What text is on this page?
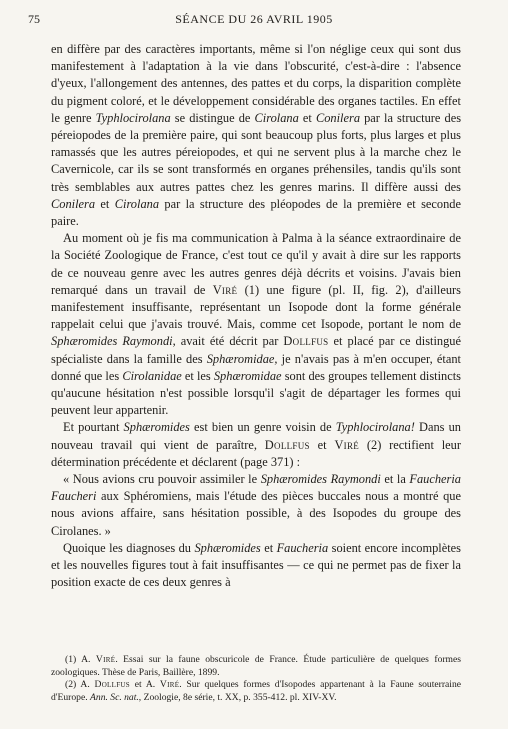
75	SÉANCE DU 26 AVRIL 1905

en diffère par des caractères importants, même si l'on néglige ceux qui sont dus manifestement à l'adaptation à la vie dans l'obscurité, c'est-à-dire : l'absence d'yeux, l'allongement des antennes, des pattes et du corps, la disparition complète du pigment coloré, et le développement considérable des organes tactiles. En effet le genre Typhlocirolana se distingue de Cirolana et Conilera par la structure des péreiopodes de la première paire, qui sont beaucoup plus forts, plus larges et plus ramassés que les autres péreiopodes, et qui ne servent plus à la marche chez le Cavernicole, car ils se sont transformés en organes préhensiles, tandis qu'ils sont très semblables aux autres pattes chez les genres marins. Il diffère aussi des Conilera et Cirolana par la structure des pléopodes de la première et seconde paire.

Au moment où je fis ma communication à Palma à la séance extraordinaire de la Société Zoologique de France, c'est tout ce qu'il y avait à dire sur les rapports de ce nouveau genre avec les autres genres déjà décrits et voisins. J'avais bien remarqué dans un travail de Viré (1) une figure (pl. II, fig. 2), d'ailleurs manifestement insuffisante, représentant un Isopode dont la forme générale rappelait celui que j'avais trouvé. Mais, comme cet Isopode, portant le nom de Sphæromides Raymondi, avait été décrit par Dollfus et placé par ce distingué spécialiste dans la famille des Sphæromidae, je n'avais pas à m'en occuper, étant donné que les Cirolanidae et les Sphæromidae sont des groupes tellement distincts qu'aucune hésitation n'est possible lorsqu'il s'agit de départager les formes qui peuvent leur appartenir.

Et pourtant Sphæromides est bien un genre voisin de Typhlocirolana! Dans un nouveau travail qui vient de paraître, Dollfus et Viré (2) rectifient leur détermination précédente et déclarent (page 371) :

« Nous avions cru pouvoir assimiler le Sphæromides Raymondi et la Faucheria Faucheri aux Sphéromiens, mais l'étude des pièces buccales nous a montré que nous avions affaire, sans hésitation possible, à des Isopodes du groupe des Cirolanes. »

Quoique les diagnoses du Sphæromides et Faucheria soient encore incomplètes et les nouvelles figures tout à fait insuffisantes — ce qui ne permet pas de fixer la position exacte de ces deux genres à

(1) A. Viré. Essai sur la faune obscuricole de France. Étude particulière de quelques formes zoologiques. Thèse de Paris, Baillère, 1899.

(2) A. Dollfus et A. Viré. Sur quelques formes d'Isopodes appartenant à la Faune souterraine d'Europe. Ann. Sc. nat., Zoologie, 8e série, t. XX, p. 355-412. pl. XIV-XV.
